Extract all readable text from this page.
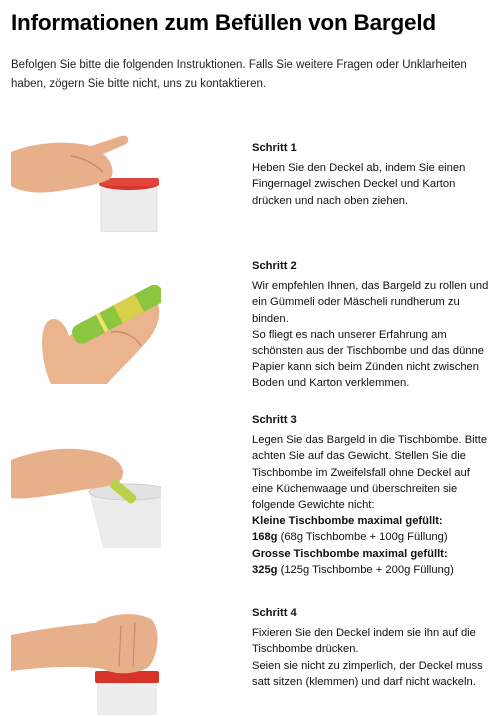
Informationen zum Befüllen von Bargeld
Befolgen Sie bitte die folgenden Instruktionen. Falls Sie weitere Fragen oder Unklarheiten haben, zögern Sie bitte nicht, uns zu kontaktieren.
Schritt 1

Heben Sie den Deckel ab, indem Sie einen Fingernagel zwischen Deckel und Karton drücken und nach oben ziehen.

Schritt 2

Wir empfehlen Ihnen, das Bargeld zu rollen und ein Gümmeli oder Mäscheli rundherum zu binden.

So fliegt es nach unserer Erfahrung am schönsten aus der Tischbombe und das dünne Papier kann sich beim Zünden nicht zwischen Boden und Karton verklemmen.

Schritt 3

Legen Sie das Bargeld in die Tischbombe. Bitte achten Sie auf das Gewicht. Stellen Sie die Tischbombe im Zweifelsfall ohne Deckel auf eine Küchenwaage und überschreiten sie folgende Gewichte nicht:

Kleine Tischbombe maximal gefüllt:
168g (68g Tischbombe + 100g Füllung)
Grosse Tischbombe maximal gefüllt:
325g (125g Tischbombe + 200g Füllung)
Schritt 4

Fixieren Sie den Deckel indem sie ihn auf die Tischbombe drücken.

Seien sie nicht zu zimperlich, der Deckel muss satt sitzen (klemmen) und darf nicht wackeln.
